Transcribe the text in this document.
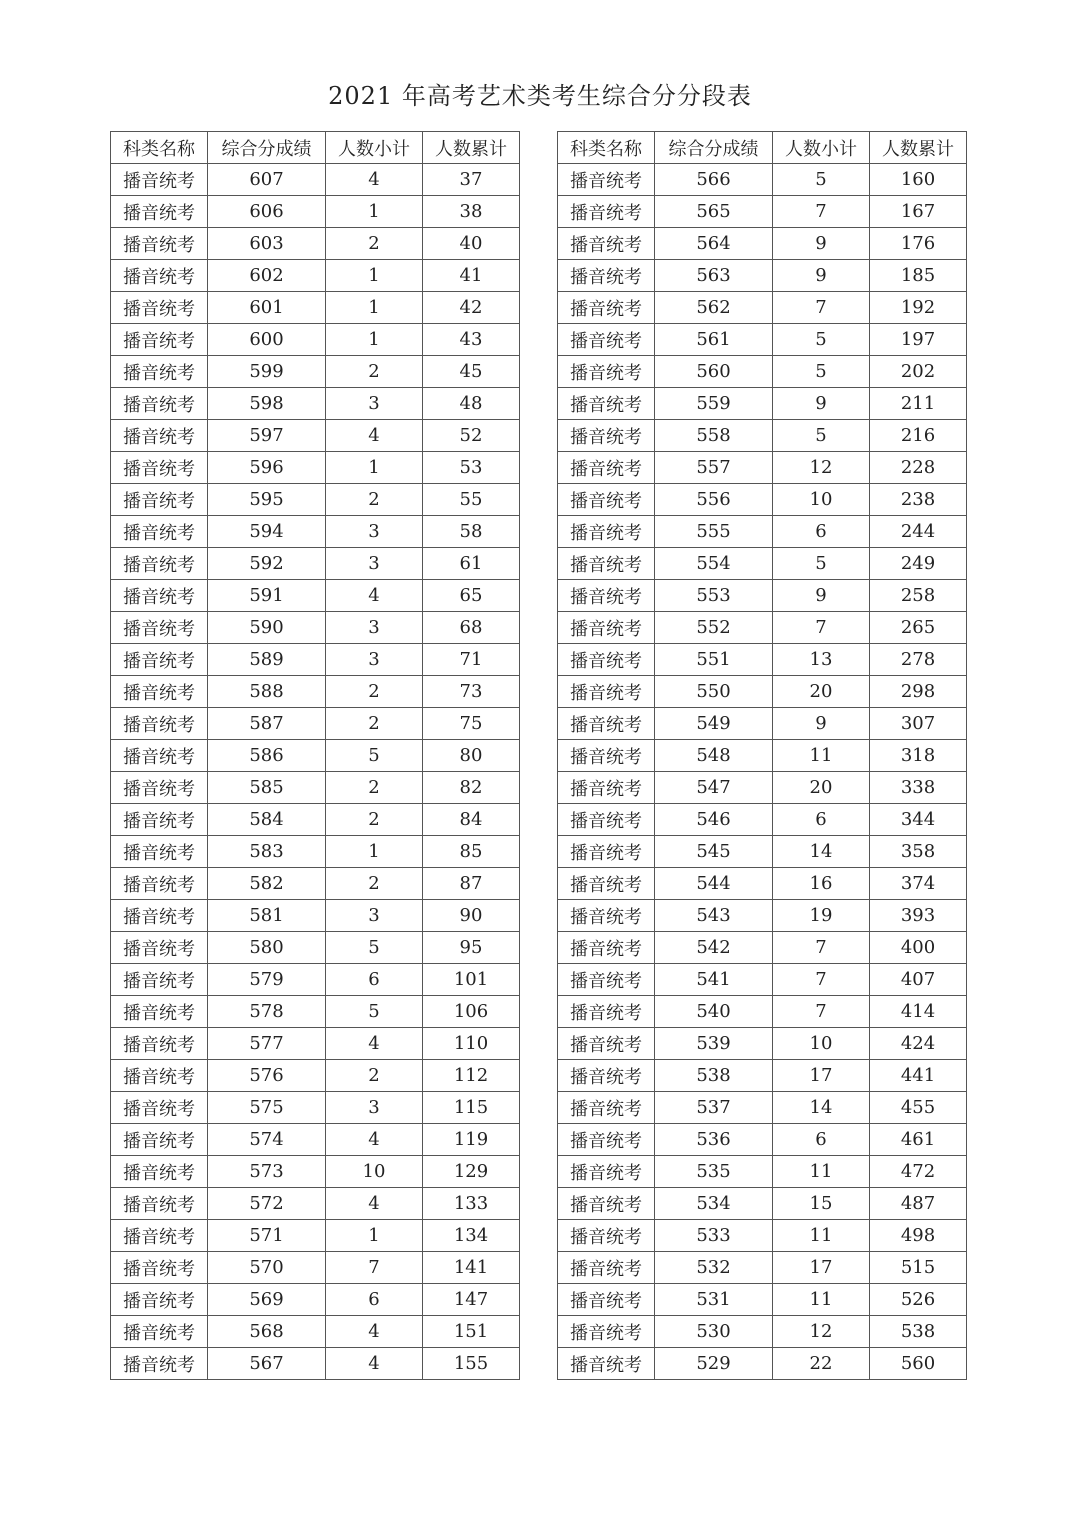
2021 年高考艺术类考生综合分分段表
科类名称	综合分成绩	人数小计	人数累计
播音统考	607	4	37
播音统考	606	1	38
播音统考	603	2	40
播音统考	602	1	41
播音统考	601	1	42
播音统考	600	1	43
播音统考	599	2	45
播音统考	598	3	48
播音统考	597	4	52
播音统考	596	1	53
播音统考	595	2	55
播音统考	594	3	58
播音统考	592	3	61
播音统考	591	4	65
播音统考	590	3	68
播音统考	589	3	71
播音统考	588	2	73
播音统考	587	2	75
播音统考	586	5	80
播音统考	585	2	82
播音统考	584	2	84
播音统考	583	1	85
播音统考	582	2	87
播音统考	581	3	90
播音统考	580	5	95
播音统考	579	6	101
播音统考	578	5	106
播音统考	577	4	110
播音统考	576	2	112
播音统考	575	3	115
播音统考	574	4	119
播音统考	573	10	129
播音统考	572	4	133
播音统考	571	1	134
播音统考	570	7	141
播音统考	569	6	147
播音统考	568	4	151
播音统考	567	4	155
科类名称	综合分成绩	人数小计	人数累计
播音统考	566	5	160
播音统考	565	7	167
播音统考	564	9	176
播音统考	563	9	185
播音统考	562	7	192
播音统考	561	5	197
播音统考	560	5	202
播音统考	559	9	211
播音统考	558	5	216
播音统考	557	12	228
播音统考	556	10	238
播音统考	555	6	244
播音统考	554	5	249
播音统考	553	9	258
播音统考	552	7	265
播音统考	551	13	278
播音统考	550	20	298
播音统考	549	9	307
播音统考	548	11	318
播音统考	547	20	338
播音统考	546	6	344
播音统考	545	14	358
播音统考	544	16	374
播音统考	543	19	393
播音统考	542	7	400
播音统考	541	7	407
播音统考	540	7	414
播音统考	539	10	424
播音统考	538	17	441
播音统考	537	14	455
播音统考	536	6	461
播音统考	535	11	472
播音统考	534	15	487
播音统考	533	11	498
播音统考	532	17	515
播音统考	531	11	526
播音统考	530	12	538
播音统考	529	22	560
